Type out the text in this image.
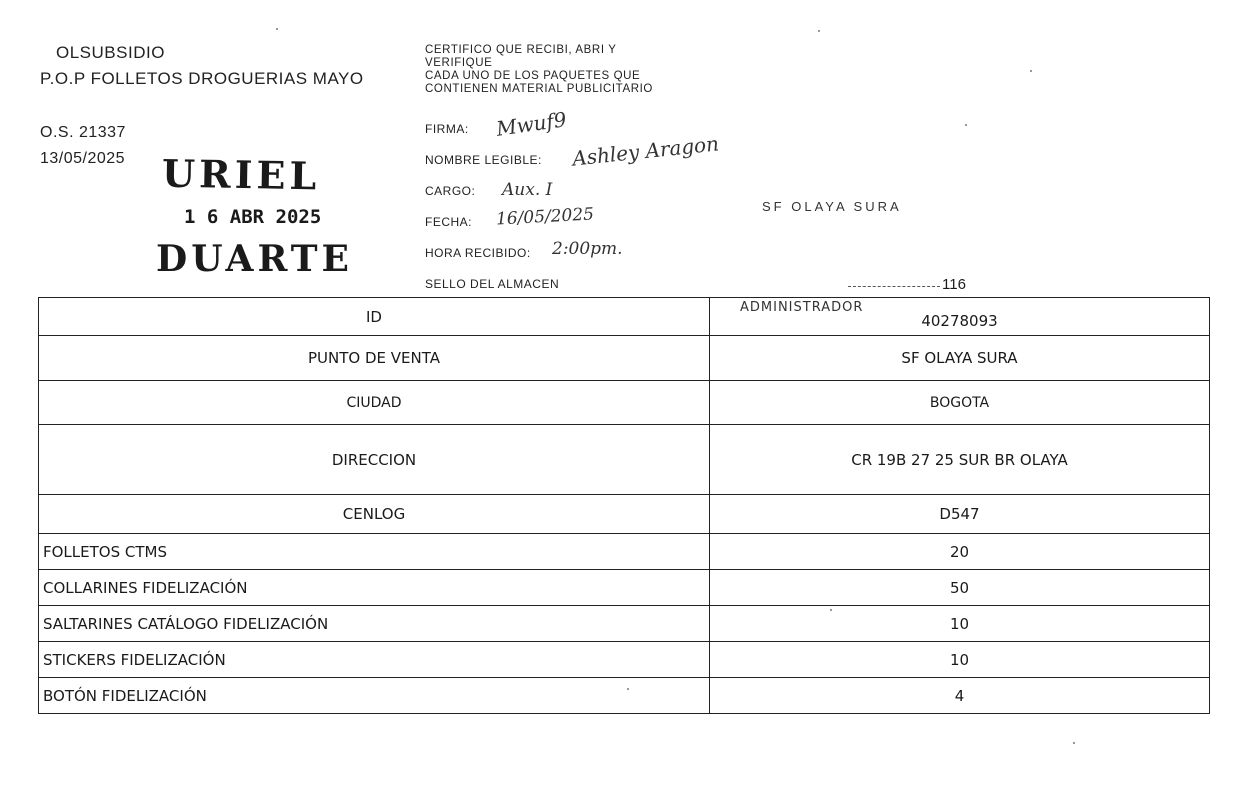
OLSUBSIDIO
P.O.P FOLLETOS DROGUERIAS MAYO
O.S. 21337
13/05/2025 URIEL
1 6 ABR 2025
DUARTE
CERTIFICO QUE RECIBI, ABRI Y
VERIFIQUE
CADA UNO DE LOS PAQUETES QUE
CONTIENEN MATERIAL PUBLICITARIO
FIRMA: Mwuf9
NOMBRE LEGIBLE: Ashley Aragon
CARGO: Aux. I
FECHA: 16/05/2025
HORA RECIBIDO: 2:00pm.
SELLO DEL ALMACEN
SF OLAYA SURA
116
ID	ADMINISTRADOR
40278093
PUNTO DE VENTA	SF OLAYA SURA
CIUDAD	BOGOTA
DIRECCION	CR 19B 27 25 SUR BR OLAYA
CENLOG	D547
FOLLETOS CTMS	20
COLLARINES FIDELIZACIÓN	50
SALTARINES CATÁLOGO FIDELIZACIÓN	10
STICKERS FIDELIZACIÓN	10
BOTÓN FIDELIZACIÓN	4
